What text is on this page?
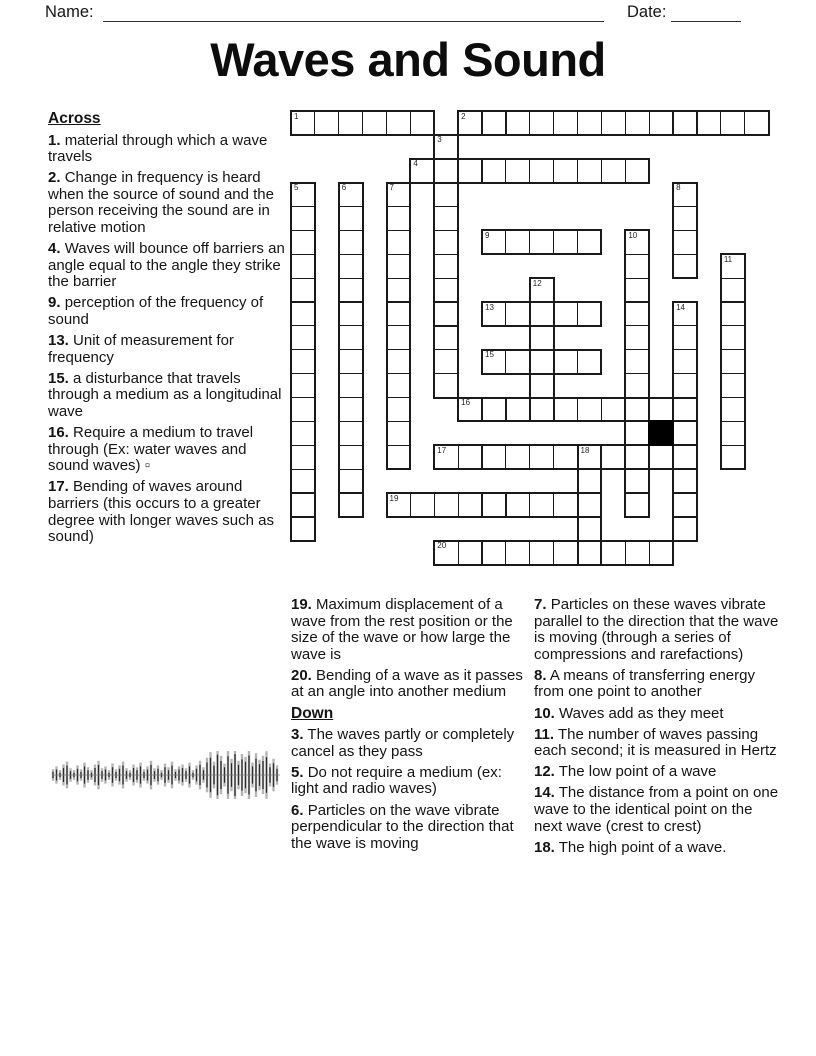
Name:	Date:
Waves and Sound
1	2
4
9
13
15
16
17
19
20
3
5	6	7	8
10
11
12
14
18
Across
1. material through which a wave travels
2. Change in frequency is heard when the source of sound and the person receiving the sound are in relative motion
4. Waves will bounce off barriers an angle equal to the angle they strike the barrier
9. perception of the frequency of sound
13. Unit of measurement for frequency
15. a disturbance that travels through a medium as a longitudinal wave
16. Require a medium to travel through (Ex: water waves and sound waves) ▫
17. Bending of waves around barriers (this occurs to a greater degree with longer waves such as sound)
19. Maximum displacement of a wave from the rest position or the size of the wave or how large the wave is
20. Bending of a wave as it passes at an angle into another medium
Down
3. The waves partly or completely cancel as they pass
5. Do not require a medium (ex: light and radio waves)
6. Particles on the wave vibrate perpendicular to the direction that the wave is moving
7. Particles on these waves vibrate parallel to the direction that the wave is moving (through a series of compressions and rarefactions)
8. A means of transferring energy from one point to another
10. Waves add as they meet
11. The number of waves passing each second; it is measured in Hertz
12. The low point of a wave
14. The distance from a point on one wave to the identical point on the next wave (crest to crest)
18. The high point of a wave.
